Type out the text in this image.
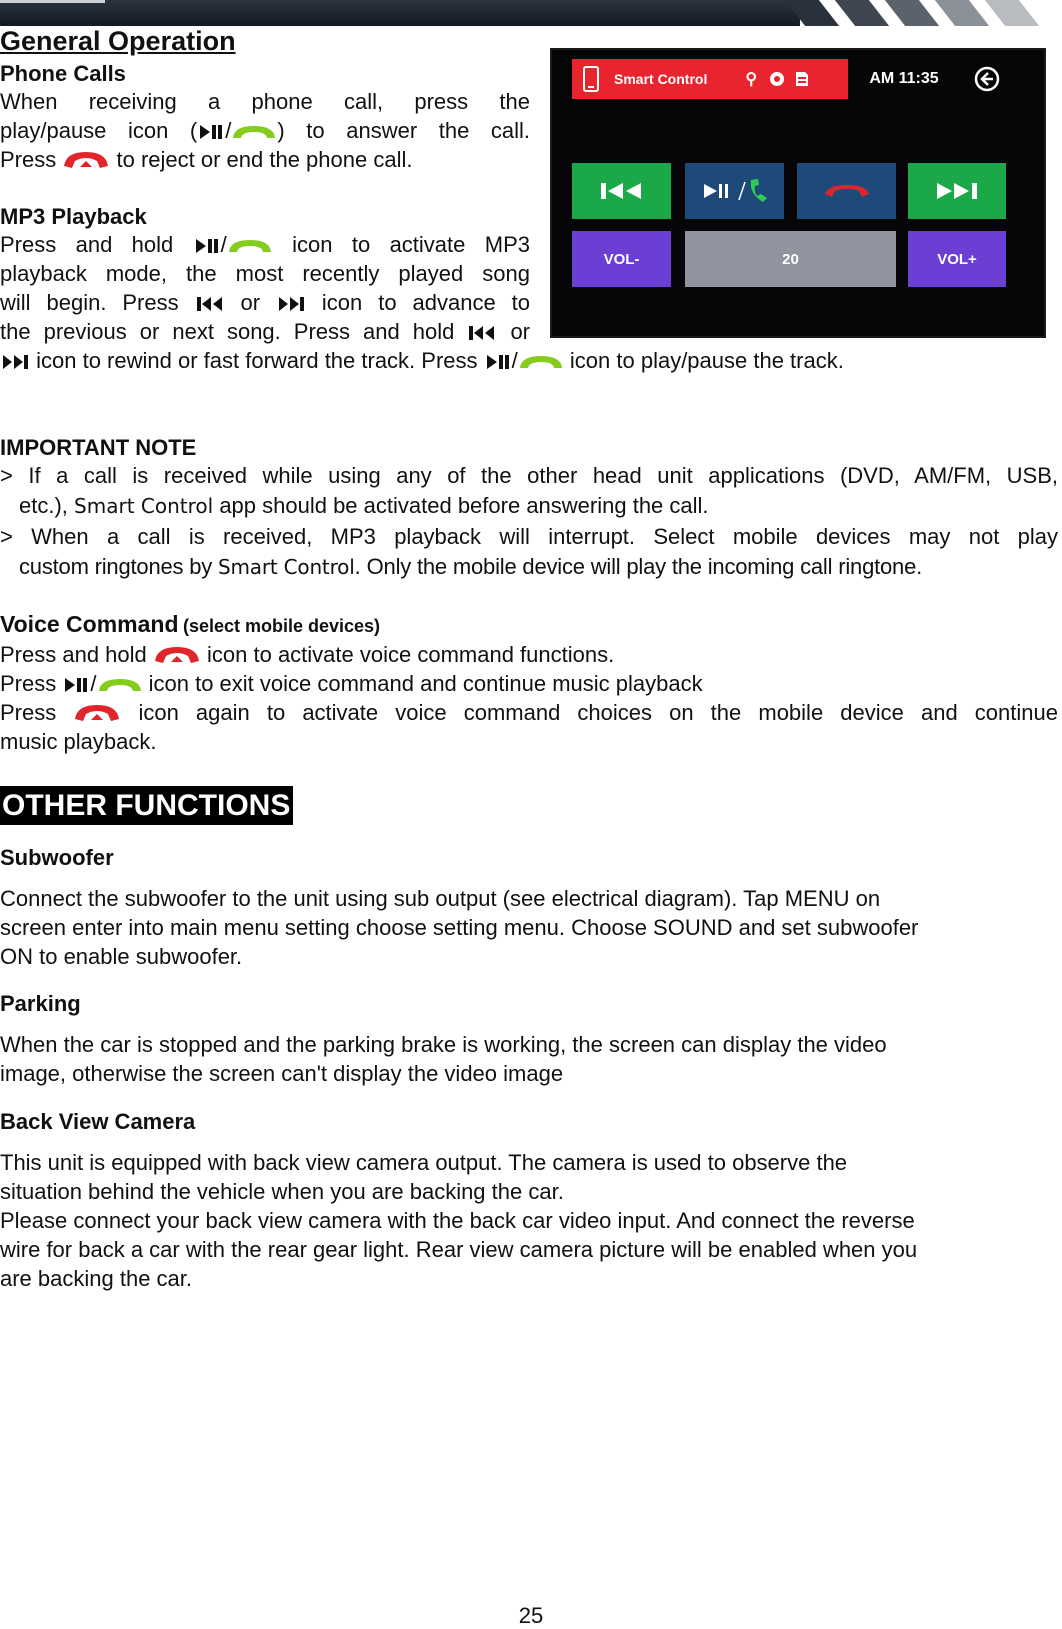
General Operation
Phone Calls

When receiving a phone call, press the

play/pause icon ( / ) to answer the call.

Press	to reject or end the phone call.

MP3 Playback

Press and hold /	icon to activate MP3

playback mode, the most recently played song

will begin. Press	or	icon to advance to

the previous or next song. Press and hold	or

icon to rewind or fast forward the track. Press / icon to play/pause the track.

Smart Control ⚲	AM 11:35
VOL-	20	VOL+
IMPORTANT NOTE

> If a call is received while using any of the other head unit applications (DVD, AM/FM, USB,

etc.), Smart Control app should be activated before answering the call.

> When a call is received, MP3 playback will interrupt. Select mobile devices may not play

custom ringtones by Smart Control. Only the mobile device will play the incoming call ringtone.

Voice Command (select mobile devices)

Press and hold	icon to activate voice command functions.

Press / icon to exit voice command and continue music playback

Press	icon again to activate voice command choices on the mobile device and continue

music playback.

OTHER FUNCTIONS
Subwoofer

Connect the subwoofer to the unit using sub output (see electrical diagram). Tap MENU on

screen enter into main menu setting choose setting menu. Choose SOUND and set subwoofer

ON to enable subwoofer.

Parking

When the car is stopped and the parking brake is working, the screen can display the video

image, otherwise the screen can't display the video image

Back View Camera

This unit is equipped with back view camera output. The camera is used to observe the

situation behind the vehicle when you are backing the car.

Please connect your back view camera with the back car video input. And connect the reverse

wire for back a car with the rear gear light. Rear view camera picture will be enabled when you

are backing the car.

25
